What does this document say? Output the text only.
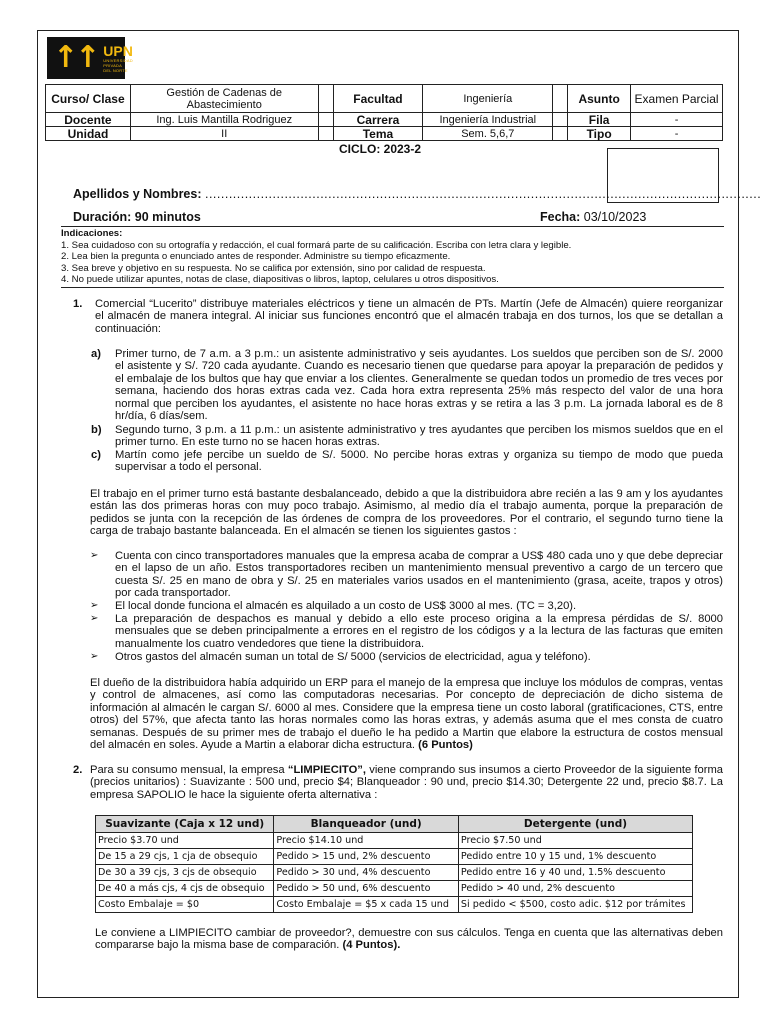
↑↑ UPN
UNIVERSIDAD
PRIVADA
DEL NORTE
Curso/ Clase	Gestión de Cadenas de Abastecimiento		Facultad	Ingeniería		Asunto	Examen Parcial
Docente	Ing. Luis Mantilla Rodriguez		Carrera	Ingeniería Industrial		Fila	-
Unidad	II		Tema	Sem. 5,6,7		Tipo	-
CICLO: 2023-2
Apellidos y Nombres: ............................................................................................................................................
Duración: 90 minutos	Fecha: 03/10/2023
Indicaciones:
1. Sea cuidadoso con su ortografía y redacción, el cual formará parte de su calificación. Escriba con letra clara y legible.
2. Lea bien la pregunta o enunciado antes de responder. Administre su tiempo eficazmente.
3. Sea breve y objetivo en su respuesta. No se califica por extensión, sino por calidad de respuesta.
4. No puede utilizar apuntes, notas de clase, diapositivas o libros, laptop, celulares u otros dispositivos.
1. Comercial “Lucerito” distribuye materiales eléctricos y tiene un almacén de PTs. Martín (Jefe de Almacén) quiere reorganizar el almacén de manera integral. Al iniciar sus funciones encontró que el almacén trabaja en dos turnos, los que se detallan a continuación:
a) Primer turno, de 7 a.m. a 3 p.m.: un asistente administrativo y seis ayudantes. Los sueldos que perciben son de S/. 2000 el asistente y S/. 720 cada ayudante. Cuando es necesario tienen que quedarse para apoyar la preparación de pedidos y el embalaje de los bultos que hay que enviar a los clientes. Generalmente se quedan todos un promedio de tres veces por semana, haciendo dos horas extras cada vez. Cada hora extra representa 25% más respecto del valor de una hora normal que perciben los ayudantes, el asistente no hace horas extras y se retira a las 3 p.m. La jornada laboral es de 8 hr/día, 6 días/sem.
b) Segundo turno, 3 p.m. a 11 p.m.: un asistente administrativo y tres ayudantes que perciben los mismos sueldos que en el primer turno. En este turno no se hacen horas extras.
c) Martín como jefe percibe un sueldo de S/. 5000. No percibe horas extras y organiza su tiempo de modo que pueda supervisar a todo el personal.
El trabajo en el primer turno está bastante desbalanceado, debido a que la distribuidora abre recién a las 9 am y los ayudantes están las dos primeras horas con muy poco trabajo. Asimismo, al medio día el trabajo aumenta, porque la preparación de pedidos se junta con la recepción de las órdenes de compra de los proveedores. Por el contrario, el segundo turno tiene la carga de trabajo bastante balanceada. En el almacén se tienen los siguientes gastos :
➢ Cuenta con cinco transportadores manuales que la empresa acaba de comprar a US$ 480 cada uno y que debe depreciar en el lapso de un año. Estos transportadores reciben un mantenimiento mensual preventivo a cargo de un tercero que cuesta S/. 25 en mano de obra y S/. 25 en materiales varios usados en el mantenimiento (grasa, aceite, trapos y otros) por cada transportador.
➢ El local donde funciona el almacén es alquilado a un costo de US$ 3000 al mes. (TC = 3,20).
➢ La preparación de despachos es manual y debido a ello este proceso origina a la empresa pérdidas de S/. 8000 mensuales que se deben principalmente a errores en el registro de los códigos y a la lectura de las facturas que emiten manualmente los cuatro vendedores que tiene la distribuidora.
➢ Otros gastos del almacén suman un total de S/ 5000 (servicios de electricidad, agua y teléfono).
El dueño de la distribuidora había adquirido un ERP para el manejo de la empresa que incluye los módulos de compras, ventas y control de almacenes, así como las computadoras necesarias. Por concepto de depreciación de dicho sistema de información al almacén le cargan S/. 6000 al mes. Considere que la empresa tiene un costo laboral (gratificaciones, CTS, entre otros) del 57%, que afecta tanto las horas normales como las horas extras, y además asuma que el mes consta de cuatro semanas. Después de su primer mes de trabajo el dueño le ha pedido a Martin que elabore la estructura de costos mensual del almacén en soles. Ayude a Martin a elaborar dicha estructura. (6 Puntos)
2. Para su consumo mensual, la empresa “LIMPIECITO”, viene comprando sus insumos a cierto Proveedor de la siguiente forma (precios unitarios) : Suavizante : 500 und, precio $4; Blanqueador : 90 und, precio $14.30; Detergente 22 und, precio $8.7. La empresa SAPOLIO le hace la siguiente oferta alternativa :
Suavizante (Caja x 12 und)	Blanqueador (und)	Detergente (und)
Precio $3.70 und	Precio $14.10 und	Precio $7.50 und
De 15 a 29 cjs, 1 cja de obsequio	Pedido > 15 und, 2% descuento	Pedido entre 10 y 15 und, 1% descuento
De 30 a 39 cjs, 3 cjs de obsequio	Pedido > 30 und, 4% descuento	Pedido entre 16 y 40 und, 1.5% descuento
De 40 a más cjs, 4 cjs de obsequio	Pedido > 50 und, 6% descuento	Pedido > 40 und, 2% descuento
Costo Embalaje = $0	Costo Embalaje = $5 x cada 15 und	Si pedido < $500, costo adic. $12 por trámites
Le conviene a LIMPIECITO cambiar de proveedor?, demuestre con sus cálculos. Tenga en cuenta que las alternativas deben compararse bajo la misma base de comparación. (4 Puntos).
